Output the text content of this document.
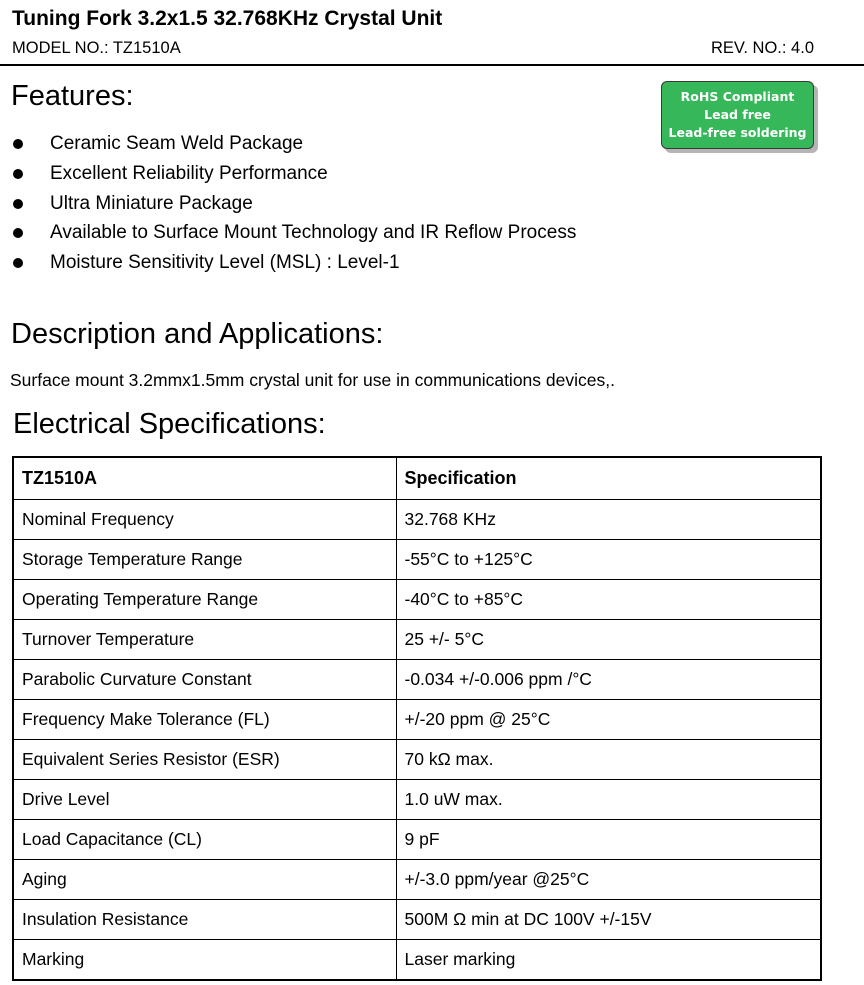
Tuning Fork 3.2x1.5 32.768KHz Crystal Unit
MODEL NO.: TZ1510A	REV. NO.: 4.0
Features:	RoHS Compliant
Lead free
Lead-free soldering
Ceramic Seam Weld Package
Excellent Reliability Performance
Ultra Miniature Package
Available to Surface Mount Technology and IR Reflow Process
Moisture Sensitivity Level (MSL) : Level-1
Description and Applications:
Surface mount 3.2mmx1.5mm crystal unit for use in communications devices,.
Electrical Specifications:
TZ1510A	Specification
Nominal Frequency	32.768 KHz
Storage Temperature Range	-55°C to +125°C
Operating Temperature Range	-40°C to +85°C
Turnover Temperature	25 +/- 5°C
Parabolic Curvature Constant	-0.034 +/-0.006 ppm /°C
Frequency Make Tolerance (FL)	+/-20 ppm @ 25°C
Equivalent Series Resistor (ESR)	70 kΩ max.
Drive Level	1.0 uW max.
Load Capacitance (CL)	9 pF
Aging	+/-3.0 ppm/year @25°C
Insulation Resistance	500M Ω min at DC 100V +/-15V
Marking	Laser marking
